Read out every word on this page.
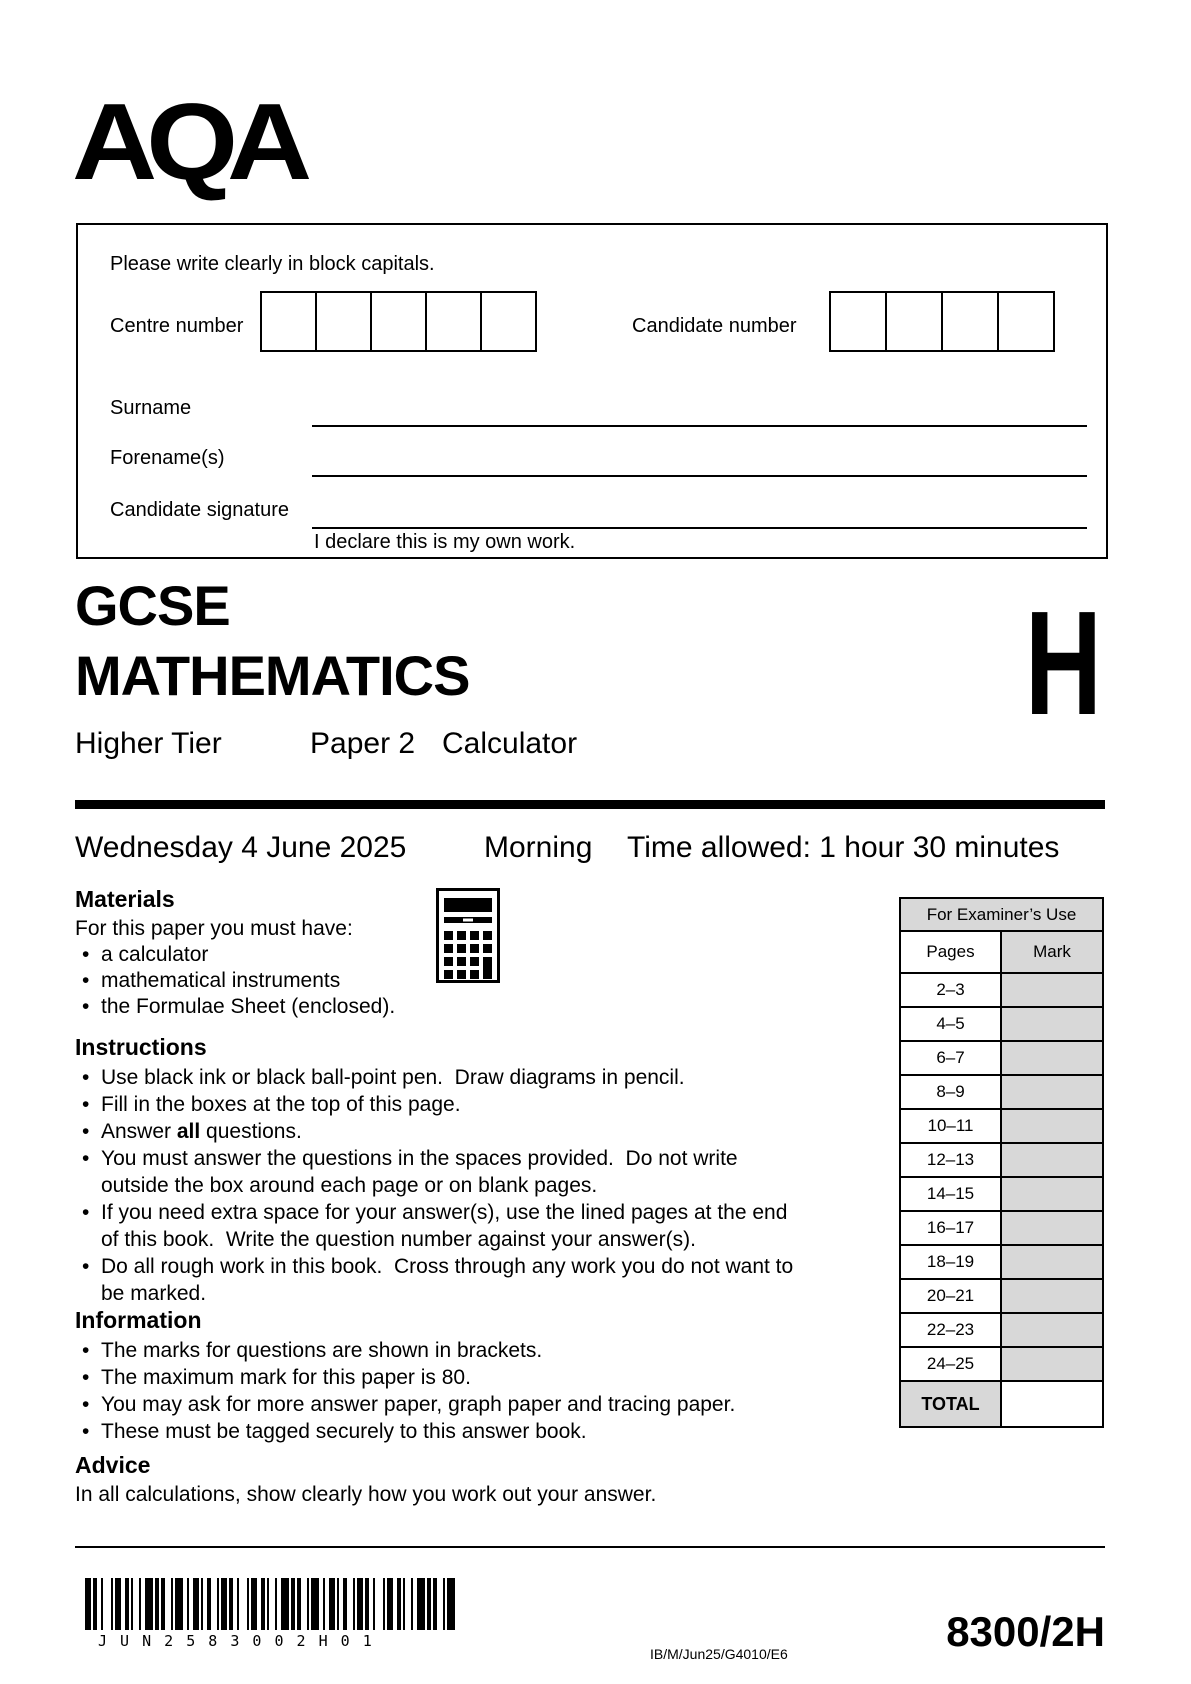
AQA
Please write clearly in block capitals.
Centre number	Candidate number
Surname
Forename(s)
Candidate signature
I declare this is my own work.
GCSE
MATHEMATICS	H
Higher Tier	Paper 2 Calculator
Wednesday 4 June 2025	Morning Time allowed: 1 hour 30 minutes
Materials
For this paper you must have:
• a calculator
• mathematical instruments
• the Formulae Sheet (enclosed).
Instructions
• Use black ink or black ball-point pen.  Draw diagrams in pencil.
• Fill in the boxes at the top of this page.
• Answer all questions.
• You must answer the questions in the spaces provided.  Do not write
outside the box around each page or on blank pages.
• If you need extra space for your answer(s), use the lined pages at the end
of this book.  Write the question number against your answer(s).
• Do all rough work in this book.  Cross through any work you do not want to
be marked.
Information
• The marks for questions are shown in brackets.
• The maximum mark for this paper is 80.
• You may ask for more answer paper, graph paper and tracing paper.
• These must be tagged securely to this answer book.
Advice
In all calculations, show clearly how you work out your answer.
For Examiner’s Use	
Pages	Mark
2–3	
4–5	
6–7	
8–9	
10–11	
12–13	
14–15	
16–17	
18–19	
20–21	
22–23	
24–25	
TOTAL	
J U N 2 5 8 3 0 0 2 H 0 1
IB/M/Jun25/G4010/E6	8300/2H
